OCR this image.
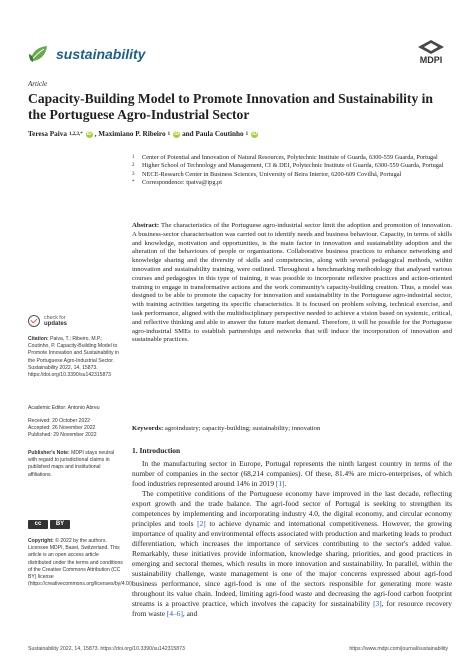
sustainability	MDPI
Article
Capacity-Building Model to Promote Innovation and Sustainability in the Portuguese Agro-Industrial Sector
Teresa Paiva 1,2,3,* iD , Maximiano P. Ribeiro 1 iD and Paula Coutinho 1 iD
1	Center of Potential and Innovation of Natural Resources, Polytechnic Institute of Guarda, 6300-559 Guarda, Portugal
2	Higher School of Technology and Management, CI & DEI, Polytechnic Institute of Guarda, 6300-559 Guarda, Portugal
3	NECE-Research Center in Business Sciences, University of Beira Interior, 6200-609 Covilhã, Portugal
*	Correspondence: tpaiva@ipg.pt
Abstract: The characteristics of the Portuguese agro-industrial sector limit the adoption and promotion of innovation. A business-sector characterisation was carried out to identify needs and business behaviour. Capacity, in terms of skills and knowledge, motivation and opportunities, is the main factor in innovation and sustainability adoption and the alteration of the behaviours of people or organisations. Collaborative business practices to enhance networking and knowledge sharing and the diversity of skills and competencies, along with several pedagogical methods, within innovation and sustainability training, were outlined. Throughout a benchmarking methodology that analysed various courses and pedagogies in this type of training, it was possible to incorporate reflexive practices and action-oriented training to engage in transformative actions and the work community's capacity-building creation. Thus, a model was designed to be able to promote the capacity for innovation and sustainability in the Portuguese agro-industrial sector, with training activities targeting its specific characteristics. It is focused on problem solving, technical exercise, and task performance, aligned with the multidisciplinary perspective needed to achieve a vision based on systemic, critical, and reflective thinking and able to answer the future market demand. Therefore, it will be possible for the Portuguese agro-industrial SMEs to establish partnerships and networks that will induce the incorporation of innovation and sustainable practices.
Keywords: agroindustry; capacity-building; sustainability; innovation
check for
updates
Citation: Paiva, T.; Ribeiro, M.P.; Coutinho, P. Capacity-Building Model to Promote Innovation and Sustainability in the Portuguese Agro-Industrial Sector. Sustainability 2022, 14, 15873. https://doi.org/10.3390/su142315873
Academic Editor: Antonio Abreu
Received: 20 October 2022
Accepted: 26 November 2022
Published: 29 November 2022
Publisher's Note: MDPI stays neutral with regard to jurisdictional claims in published maps and institutional affiliations.
cc	BY
Copyright: © 2022 by the authors. Licensee MDPI, Basel, Switzerland. This article is an open access article distributed under the terms and conditions of the Creative Commons Attribution (CC BY) license (https://creativecommons.org/licenses/by/4.0/).
1. Introduction

In the manufacturing sector in Europe, Portugal represents the ninth largest country in terms of the number of companies in the sector (68,214 companies). Of these, 81.4% are micro-enterprises, of which food industries represented around 14% in 2019 [1].

The competitive conditions of the Portuguese economy have improved in the last decade, reflecting export growth and the trade balance. The agri-food sector of Portugal is seeking to strengthen its competences by implementing and incorporating industry 4.0, the digital economy, and circular economy principles and tools [2] to achieve dynamic and international competitiveness. However, the growing importance of quality and environmental effects associated with production and marketing leads to product differentiation, which increases the importance of services contributing to the sector's added value. Remarkably, these initiatives provide information, knowledge sharing, priorities, and good practices in emerging and sectoral themes, which results in more innovation and sustainability. In parallel, within the sustainability challenge, waste management is one of the major concerns expressed about agri-food business performance, since agri-food is one of the sectors responsible for generating more waste throughout its value chain. Indeed, limiting agri-food waste and decreasing the agri-food carbon footprint streams is a proactive practice, which involves the capacity for sustainability [3], for resource recovery from waste [4–6], and

Sustainability 2022, 14, 15873. https://doi.org/10.3390/su142315873	https://www.mdpi.com/journal/sustainability
